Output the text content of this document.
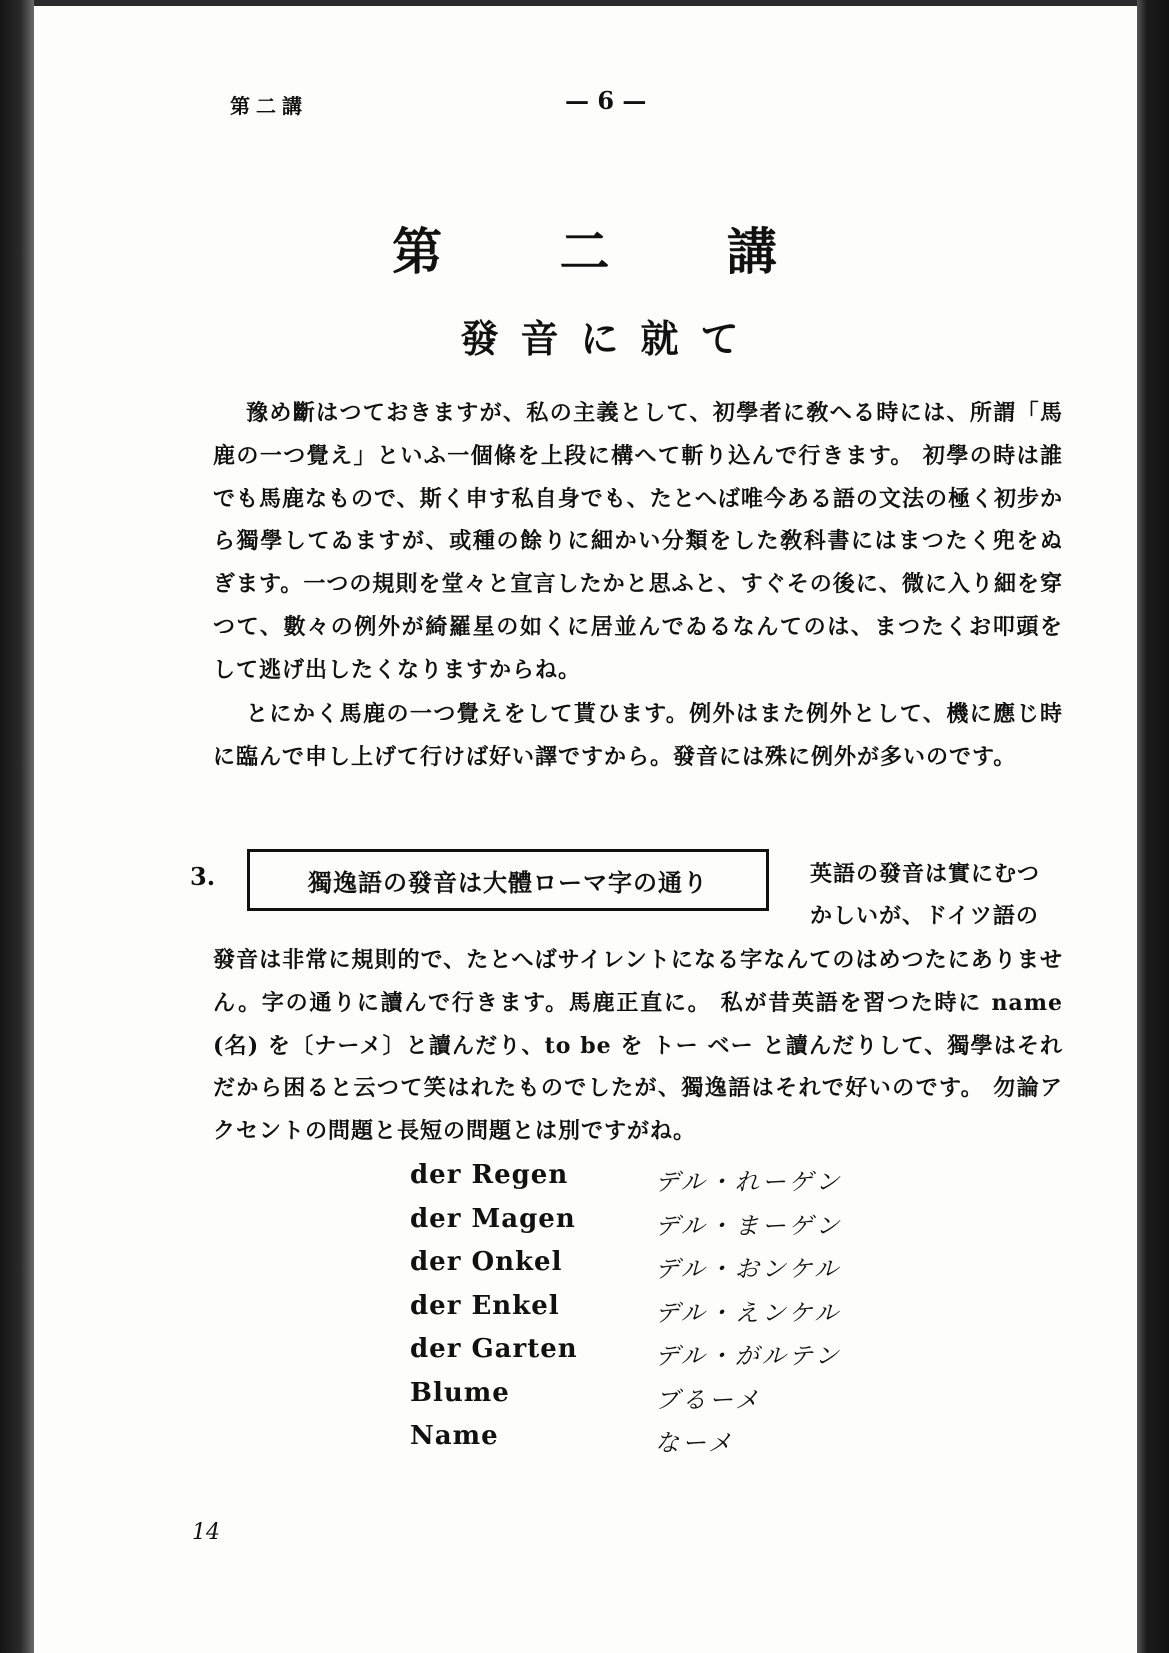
第二講	— 6 —
第 二 講
發音に就て
豫め斷はつておきますが、私の主義として、初學者に敎へる時には、所謂「馬鹿の一つ覺え」といふ一個條を上段に構へて斬り込んで行きます。 初學の時は誰でも馬鹿なもので、斯く申す私自身でも、たとへば唯今ある語の文法の極く初步から獨學してゐますが、或種の餘りに細かい分類をした敎科書にはまつたく兜をぬぎます。一つの規則を堂々と宣言したかと思ふと、すぐその後に、微に入り細を穿つて、數々の例外が綺羅星の如くに居並んでゐるなんてのは、まつたくお叩頭をして逃げ出したくなりますからね。
とにかく馬鹿の一つ覺えをして貰ひます。例外はまた例外として、機に應じ時に臨んで申し上げて行けば好い譯ですから。發音には殊に例外が多いのです。
3.	獨逸語の發音は大體ローマ字の通り	英語の發音は實にむつかしいが、ドイツ語の
發音は非常に規則的で、たとへばサイレントになる字なんてのはめつたにありません。字の通りに讀んで行きます。馬鹿正直に。 私が昔英語を習つた時に name (名) を〔ナーメ〕と讀んだり、to be を トー ベー と讀んだりして、獨學はそれだから困ると云つて笑はれたものでしたが、獨逸語はそれで好いのです。 勿論アクセントの問題と長短の問題とは別ですがね。
der Regen	デル・れーゲン
der Magen	デル・まーゲン
der Onkel	デル・おンケル
der Enkel	デル・えンケル
der Garten	デル・がルテン
Blume	ブるーメ
Name	なーメ
14
